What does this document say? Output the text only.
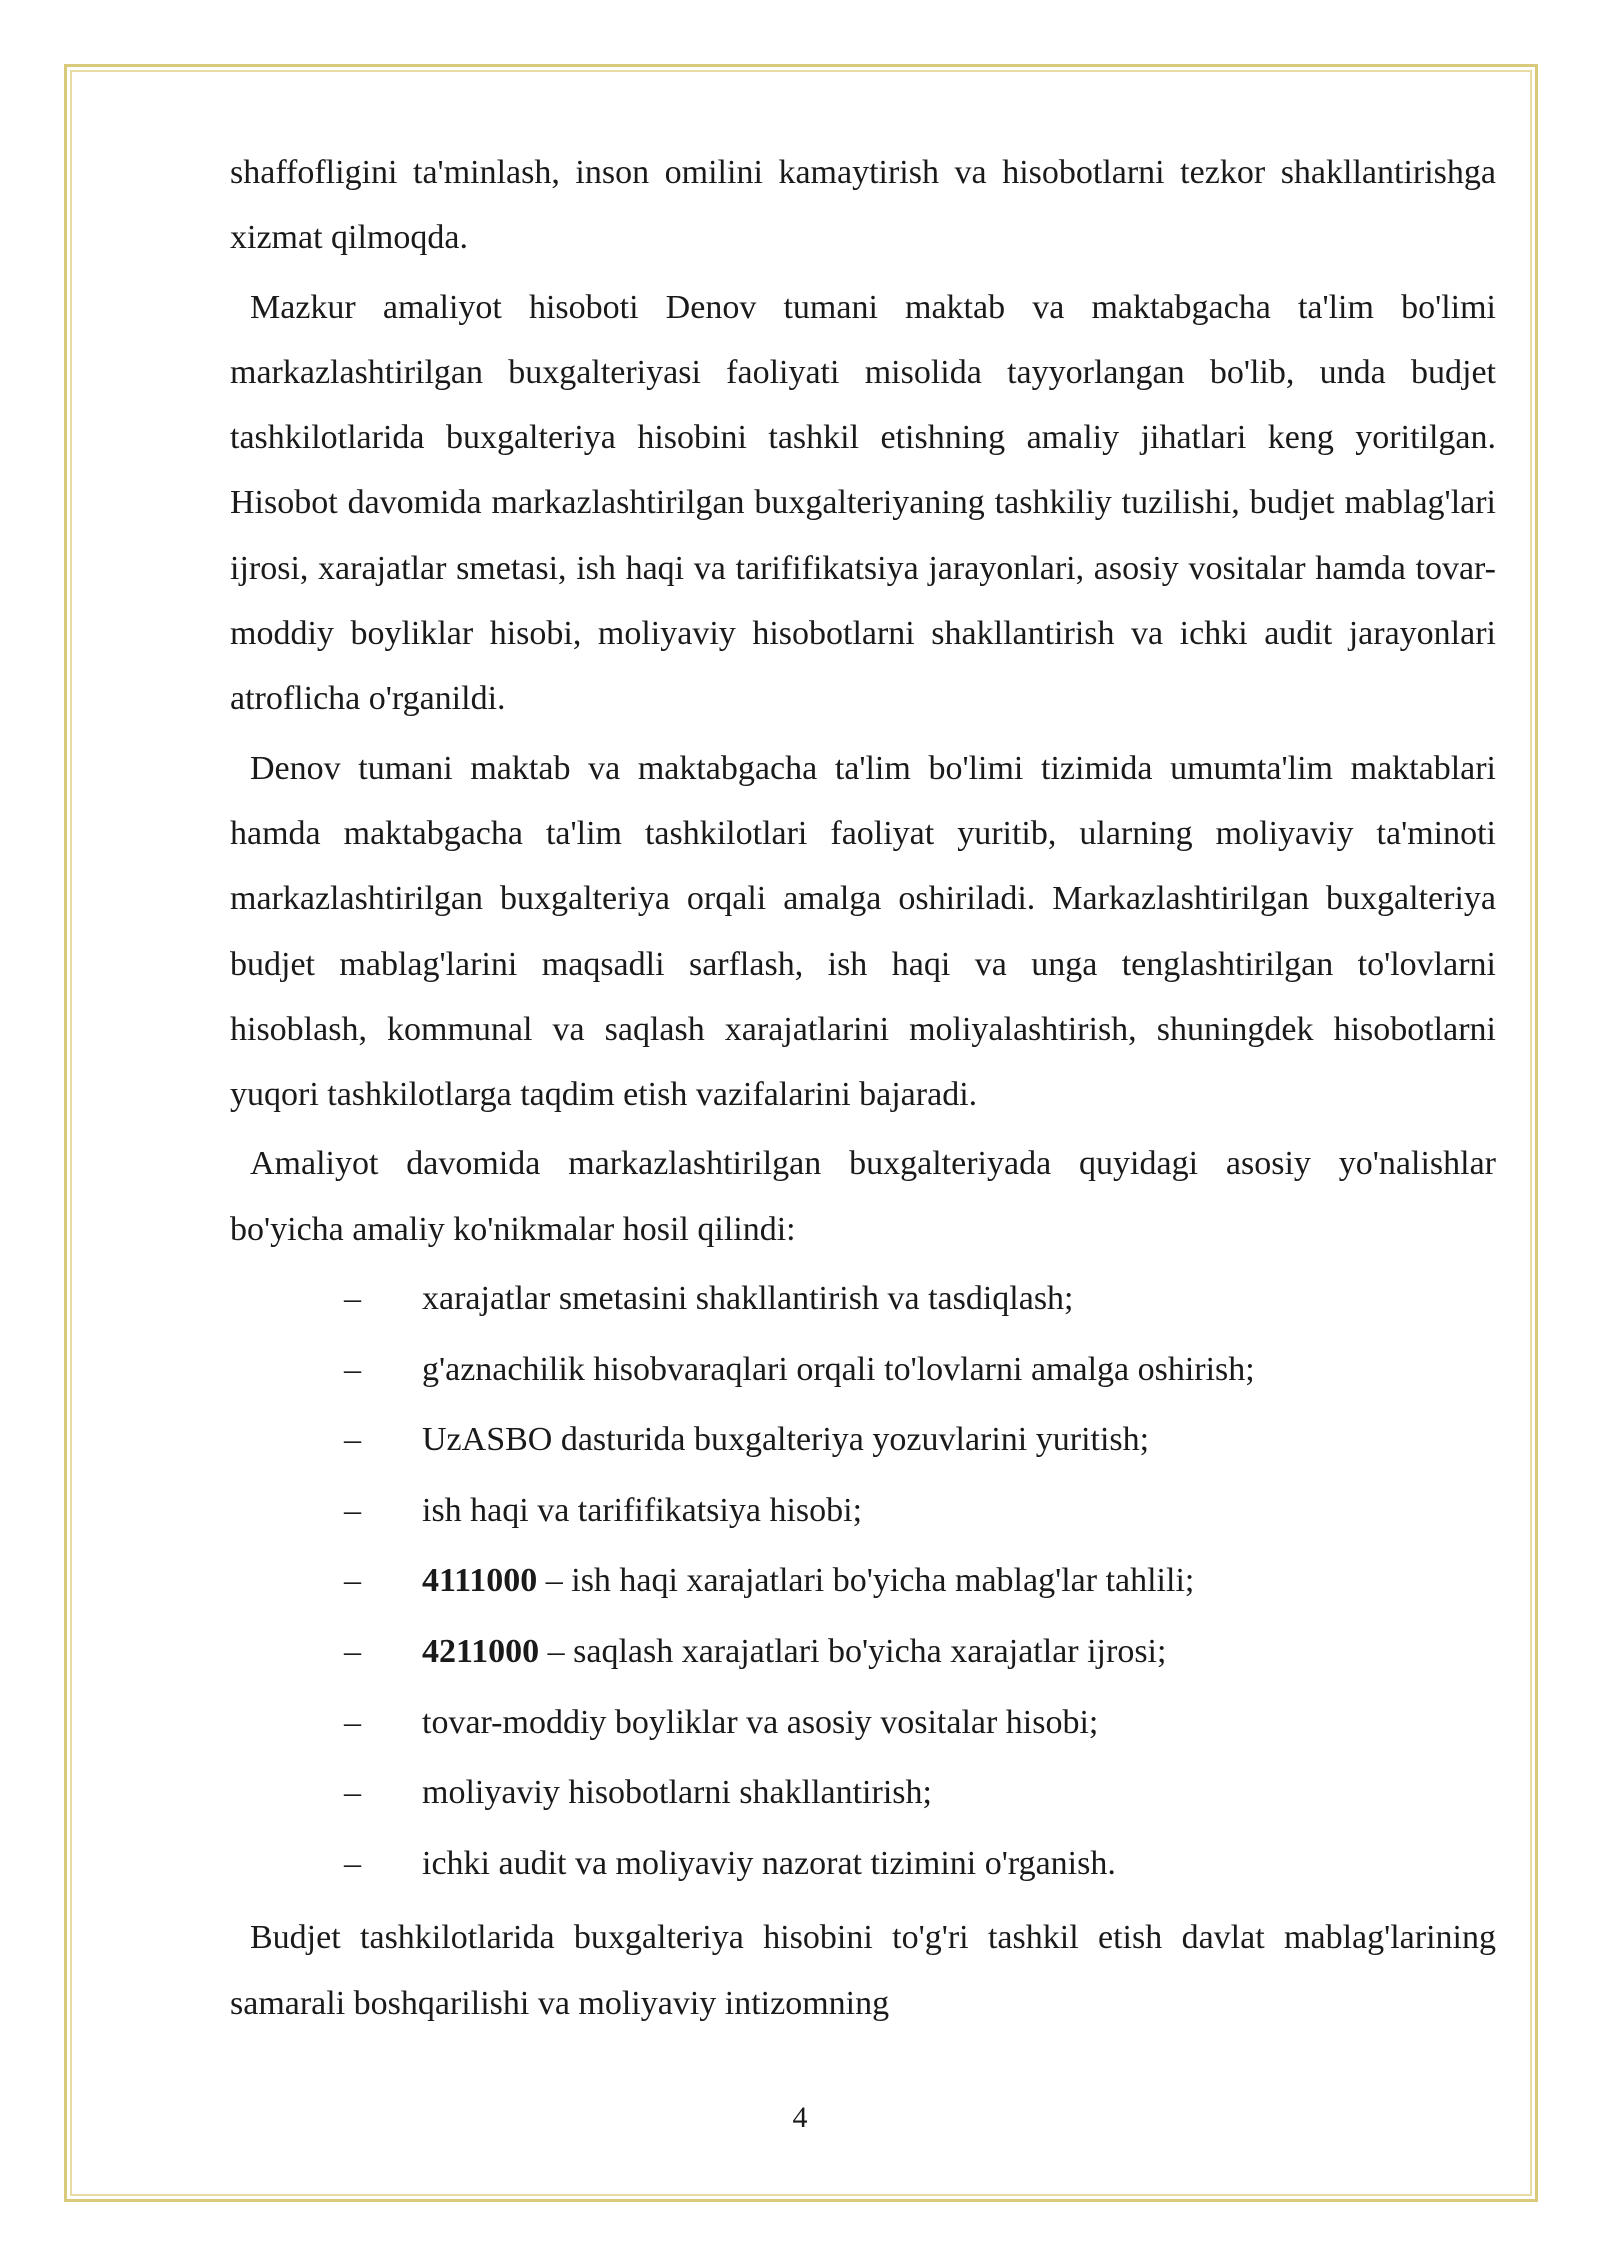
shaffofligini ta'minlash, inson omilini kamaytirish va hisobotlarni tezkor shakllantirishga xizmat qilmoqda.

Mazkur amaliyot hisoboti Denov tumani maktab va maktabgacha ta'lim bo'limi markazlashtirilgan buxgalteriyasi faoliyati misolida tayyorlangan bo'lib, unda budjet tashkilotlarida buxgalteriya hisobini tashkil etishning amaliy jihatlari keng yoritilgan. Hisobot davomida markazlashtirilgan buxgalteriyaning tashkiliy tuzilishi, budjet mablag'lari ijrosi, xarajatlar smetasi, ish haqi va tarififikatsiya jarayonlari, asosiy vositalar hamda tovar-moddiy boyliklar hisobi, moliyaviy hisobotlarni shakllantirish va ichki audit jarayonlari atroflicha o'rganildi.

Denov tumani maktab va maktabgacha ta'lim bo'limi tizimida umumta'lim maktablari hamda maktabgacha ta'lim tashkilotlari faoliyat yuritib, ularning moliyaviy ta'minoti markazlashtirilgan buxgalteriya orqali amalga oshiriladi. Markazlashtirilgan buxgalteriya budjet mablag'larini maqsadli sarflash, ish haqi va unga tenglashtirilgan to'lovlarni hisoblash, kommunal va saqlash xarajatlarini moliyalashtirish, shuningdek hisobotlarni yuqori tashkilotlarga taqdim etish vazifalarini bajaradi.

Amaliyot davomida markazlashtirilgan buxgalteriyada quyidagi asosiy yo'nalishlar bo'yicha amaliy ko'nikmalar hosil qilindi:

– xarajatlar smetasini shakllantirish va tasdiqlash;
– g'aznachilik hisobvaraqlari orqali to'lovlarni amalga oshirish;
– UzASBO dasturida buxgalteriya yozuvlarini yuritish;
– ish haqi va tarififikatsiya hisobi;
– 4111000 – ish haqi xarajatlari bo'yicha mablag'lar tahlili;
– 4211000 – saqlash xarajatlari bo'yicha xarajatlar ijrosi;
– tovar-moddiy boyliklar va asosiy vositalar hisobi;
– moliyaviy hisobotlarni shakllantirish;
– ichki audit va moliyaviy nazorat tizimini o'rganish.

Budjet tashkilotlarida buxgalteriya hisobini to'g'ri tashkil etish davlat mablag'larining samarali boshqarilishi va moliyaviy intizomning

4
